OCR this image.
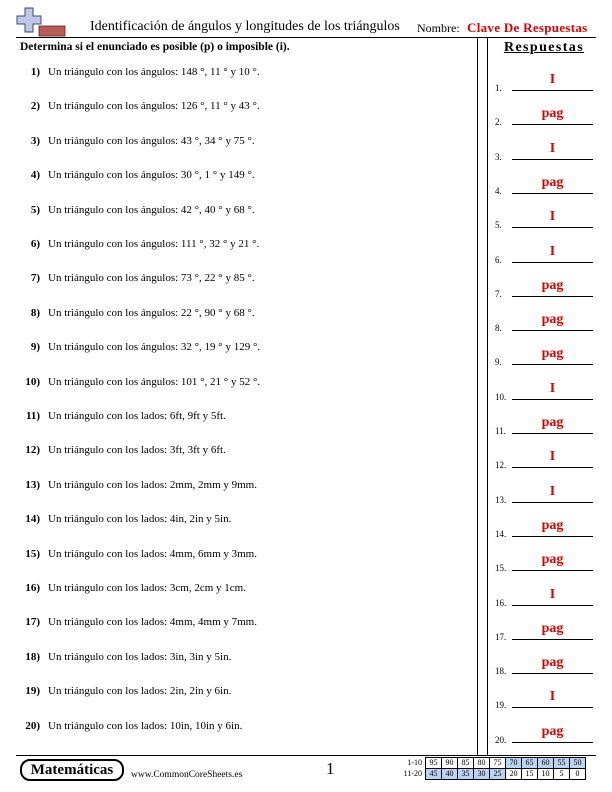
Identificación de ángulos y longitudes de los triángulos Nombre: Clave De Respuestas
Determina si el enunciado es posible (p) o imposible (i).	Respuestas
1) Un triángulo con los ángulos: 148 °, 11 ° y 10 °.
2) Un triángulo con los ángulos: 126 °, 11 ° y 43 °.
3) Un triángulo con los ángulos: 43 °, 34 ° y 75 °.
4) Un triángulo con los ángulos: 30 °, 1 ° y 149 °.
5) Un triángulo con los ángulos: 42 °, 40 ° y 68 °.
6) Un triángulo con los ángulos: 111 °, 32 ° y 21 °.
7) Un triángulo con los ángulos: 73 °, 22 ° y 85 °.
8) Un triángulo con los ángulos: 22 °, 90 ° y 68 °.
9) Un triángulo con los ángulos: 32 °, 19 ° y 129 °.
10) Un triángulo con los ángulos: 101 °, 21 ° y 52 °.
11) Un triángulo con los lados: 6ft, 9ft y 5ft.
12) Un triángulo con los lados: 3ft, 3ft y 6ft.
13) Un triángulo con los lados: 2mm, 2mm y 9mm.
14) Un triángulo con los lados: 4in, 2in y 5in.
15) Un triángulo con los lados: 4mm, 6mm y 3mm.
16) Un triángulo con los lados: 3cm, 2cm y 1cm.
17) Un triángulo con los lados: 4mm, 4mm y 7mm.
18) Un triángulo con los lados: 3in, 3in y 5in.
19) Un triángulo con los lados: 2in, 2in y 6in.
20) Un triángulo con los lados: 10in, 10in y 6in.
1.
I
2.
pag
3.
I
4.
pag
5.
I
6.
I
7.
pag
8.
pag
9.
pag
10.
I
11.
pag
12.
I
13.
I
14.
pag
15.
pag
16.
I
17.
pag
18.
pag
19.
I
20.
pag
Matemáticas	www.CommonCoreSheets.es	1	1-10	95	90	85	80	75	70	65	60	55	50
11-20	45	40	35	30	25	20	15	10	5	0
